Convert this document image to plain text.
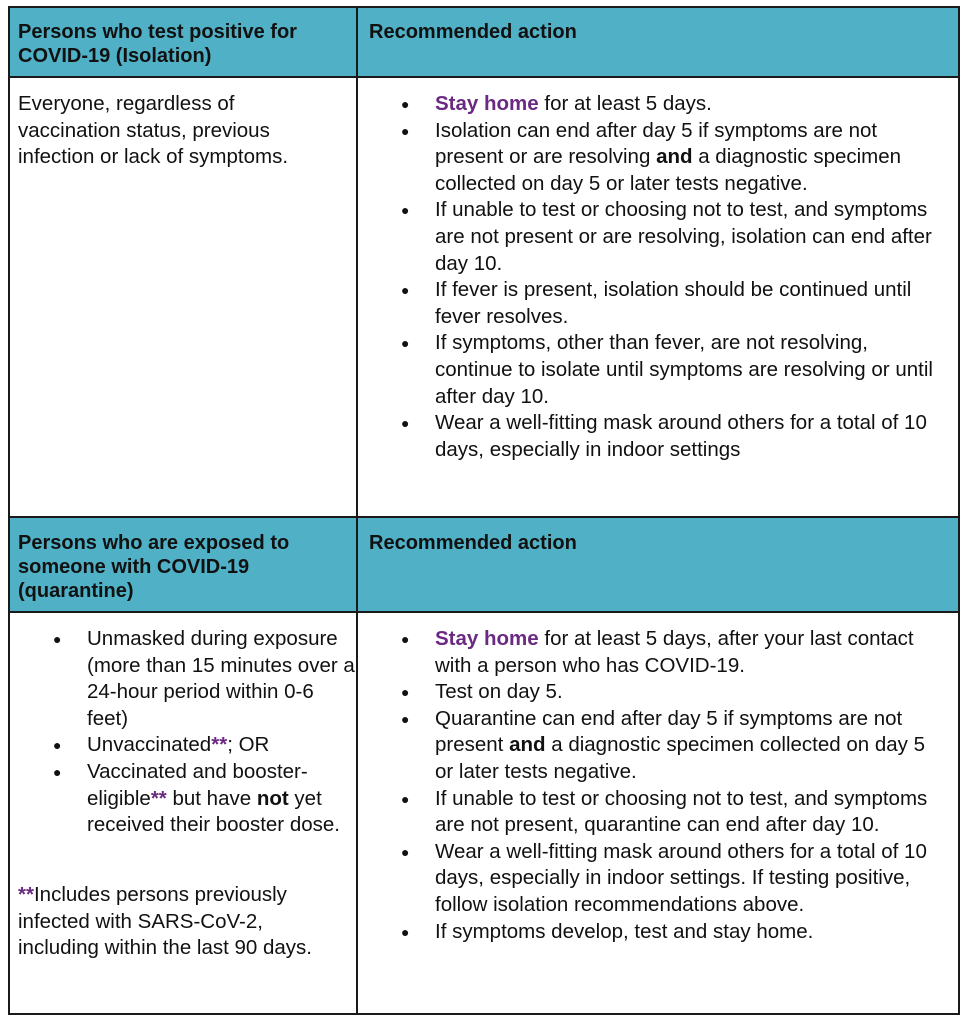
Persons who test positive for COVID-19 (Isolation)
Recommended action
Everyone, regardless of vaccination status, previous infection or lack of symptoms.
● Stay home for at least 5 days.
● Isolation can end after day 5 if symptoms are not present or are resolving and a diagnostic specimen collected on day 5 or later tests negative.
● If unable to test or choosing not to test, and symptoms are not present or are resolving, isolation can end after day 10.
● If fever is present, isolation should be continued until fever resolves.
● If symptoms, other than fever, are not resolving, continue to isolate until symptoms are resolving or until after day 10.
● Wear a well-fitting mask around others for a total of 10 days, especially in indoor settings
Persons who are exposed to someone with COVID-19 (quarantine)
Recommended action
● Unmasked during exposure (more than 15 minutes over a 24-hour period within 0-6 feet)
● Unvaccinated**; OR
● Vaccinated and booster-eligible** but have not yet received their booster dose.
**Includes persons previously infected with SARS-CoV-2, including within the last 90 days.
● Stay home for at least 5 days, after your last contact with a person who has COVID-19.
● Test on day 5.
● Quarantine can end after day 5 if symptoms are not present and a diagnostic specimen collected on day 5 or later tests negative.
● If unable to test or choosing not to test, and symptoms are not present, quarantine can end after day 10.
● Wear a well-fitting mask around others for a total of 10 days, especially in indoor settings. If testing positive, follow isolation recommendations above.
● If symptoms develop, test and stay home.
